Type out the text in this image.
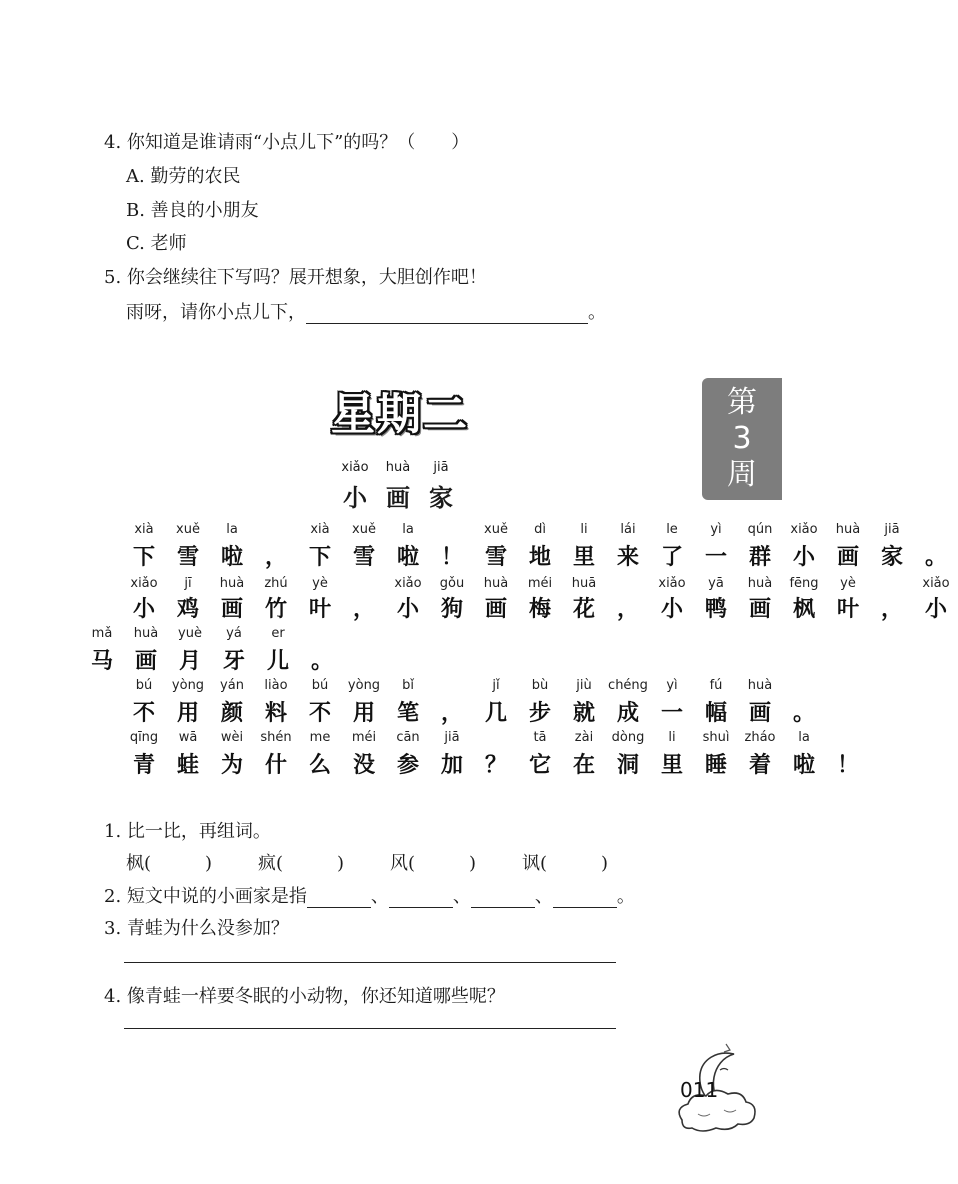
4. 你知道是谁请雨“小点儿下”的吗？（　　）
A. 勤劳的农民
B. 善良的小朋友
C. 老师
5. 你会继续往下写吗？展开想象，大胆创作吧！
雨呀，请你小点儿下，	。
星期二	第
3
周
xiǎo	huà	jiā
小 画 家
下 雪 啦 ， 下 雪 啦 ！ 雪 地 里 来 了 一 群 小 画 家 。
xià	xuě	la	xià	xuě	la	xuě	dì	li	lái	le	yì	qún	xiǎo	huà	jiā
小 鸡 画 竹 叶 ， 小 狗 画 梅 花 ， 小 鸭 画 枫 叶 ， 小
xiǎo	jī	huà	zhú	yè	xiǎo	gǒu	huà	méi	huā	xiǎo	yā	huà	fēng	yè	xiǎo
马 画 月 牙 儿 。
mǎ	huà	yuè	yá	er
不 用 颜 料 不 用 笔 ， 几 步 就 成 一 幅 画 。
bú	yòng	yán	liào	bú	yòng	bǐ	jǐ	bù	jiù	chéng	yì	fú	huà
青 蛙 为 什 么 没 参 加 ？ 它 在 洞 里 睡 着 啦 ！
qīng	wā	wèi	shén	me	méi	cān	jiā	tā	zài	dòng	li	shuì	zháo	la
1. 比一比，再组词。
枫(　　　)	疯(　　　)	风(　　　)	讽(　　　)
2. 短文中说的小画家是指	、	、	、	。
3. 青蛙为什么没参加？
4. 像青蛙一样要冬眠的小动物，你还知道哪些呢？
011
